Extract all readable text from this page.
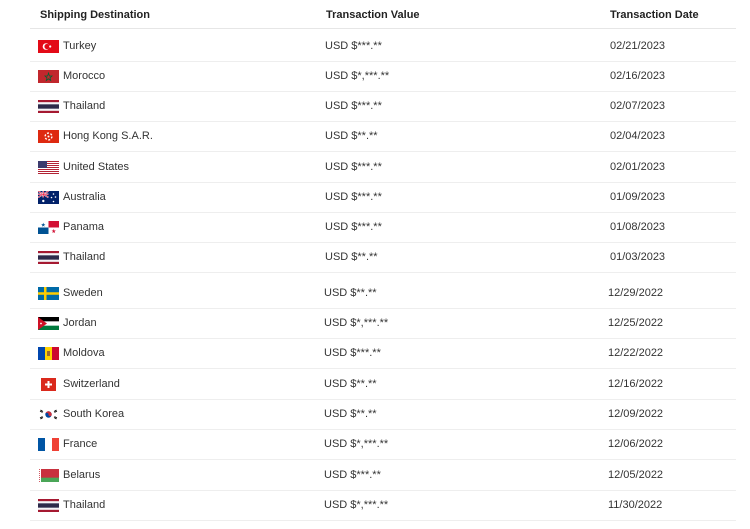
Shipping Destination	Transaction Value	Transaction Date
Turkey	USD $***.**	02/21/2023
Morocco	USD $*,***.**	02/16/2023
Thailand	USD $***.**	02/07/2023
Hong Kong S.A.R.	USD $**.**	02/04/2023
United States	USD $***.**	02/01/2023
Australia	USD $***.**	01/09/2023
Panama	USD $***.**	01/08/2023
Thailand	USD $**.**	01/03/2023
Sweden	USD $**.**	12/29/2022
Jordan	USD $*,***.**	12/25/2022
Moldova	USD $***.**	12/22/2022
Switzerland	USD $**.**	12/16/2022
South Korea	USD $**.**	12/09/2022
France	USD $*,***.**	12/06/2022
Belarus	USD $***.**	12/05/2022
Thailand	USD $*,***.**	11/30/2022
